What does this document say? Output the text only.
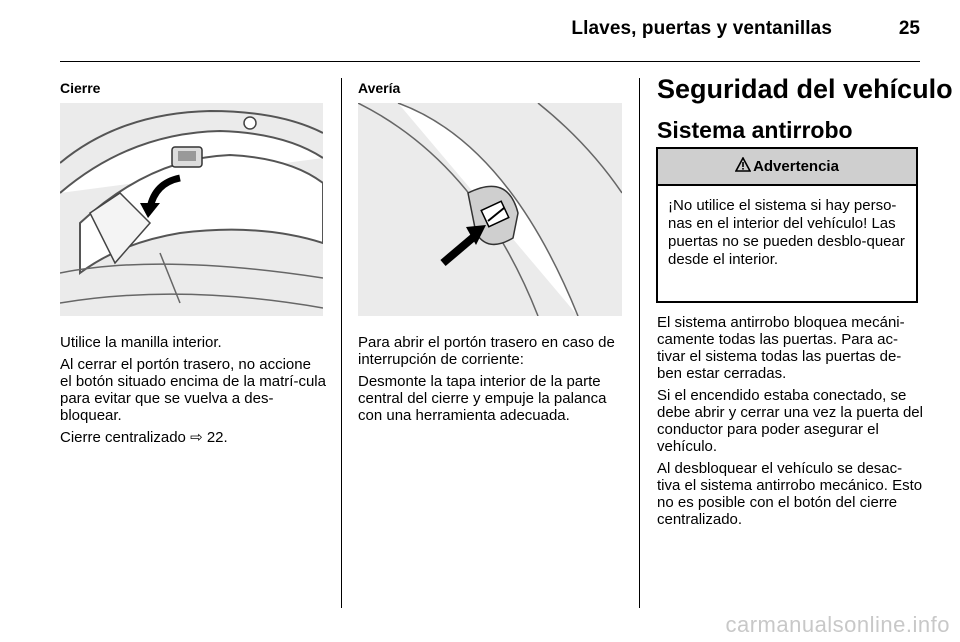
Llaves, puertas y ventanillas	25
Cierre

Utilice la manilla interior.

Al cerrar el portón trasero, no accione el botón situado encima de la matrí-cula para evitar que se vuelva a des-bloquear.

Cierre centralizado ⇨ 22.

Avería

Para abrir el portón trasero en caso de interrupción de corriente:

Desmonte la tapa interior de la parte central del cierre y empuje la palanca con una herramienta adecuada.

Seguridad del vehículo
Sistema antirrobo
Advertencia
¡No utilice el sistema si hay perso-nas en el interior del vehículo! Las puertas no se pueden desblo-quear desde el interior.

El sistema antirrobo bloquea mecáni-camente todas las puertas. Para ac-tivar el sistema todas las puertas de-ben estar cerradas.

Si el encendido estaba conectado, se debe abrir y cerrar una vez la puerta del conductor para poder asegurar el vehículo.

Al desbloquear el vehículo se desac-tiva el sistema antirrobo mecánico. Esto no es posible con el botón del cierre centralizado.

carmanualsonline.info
